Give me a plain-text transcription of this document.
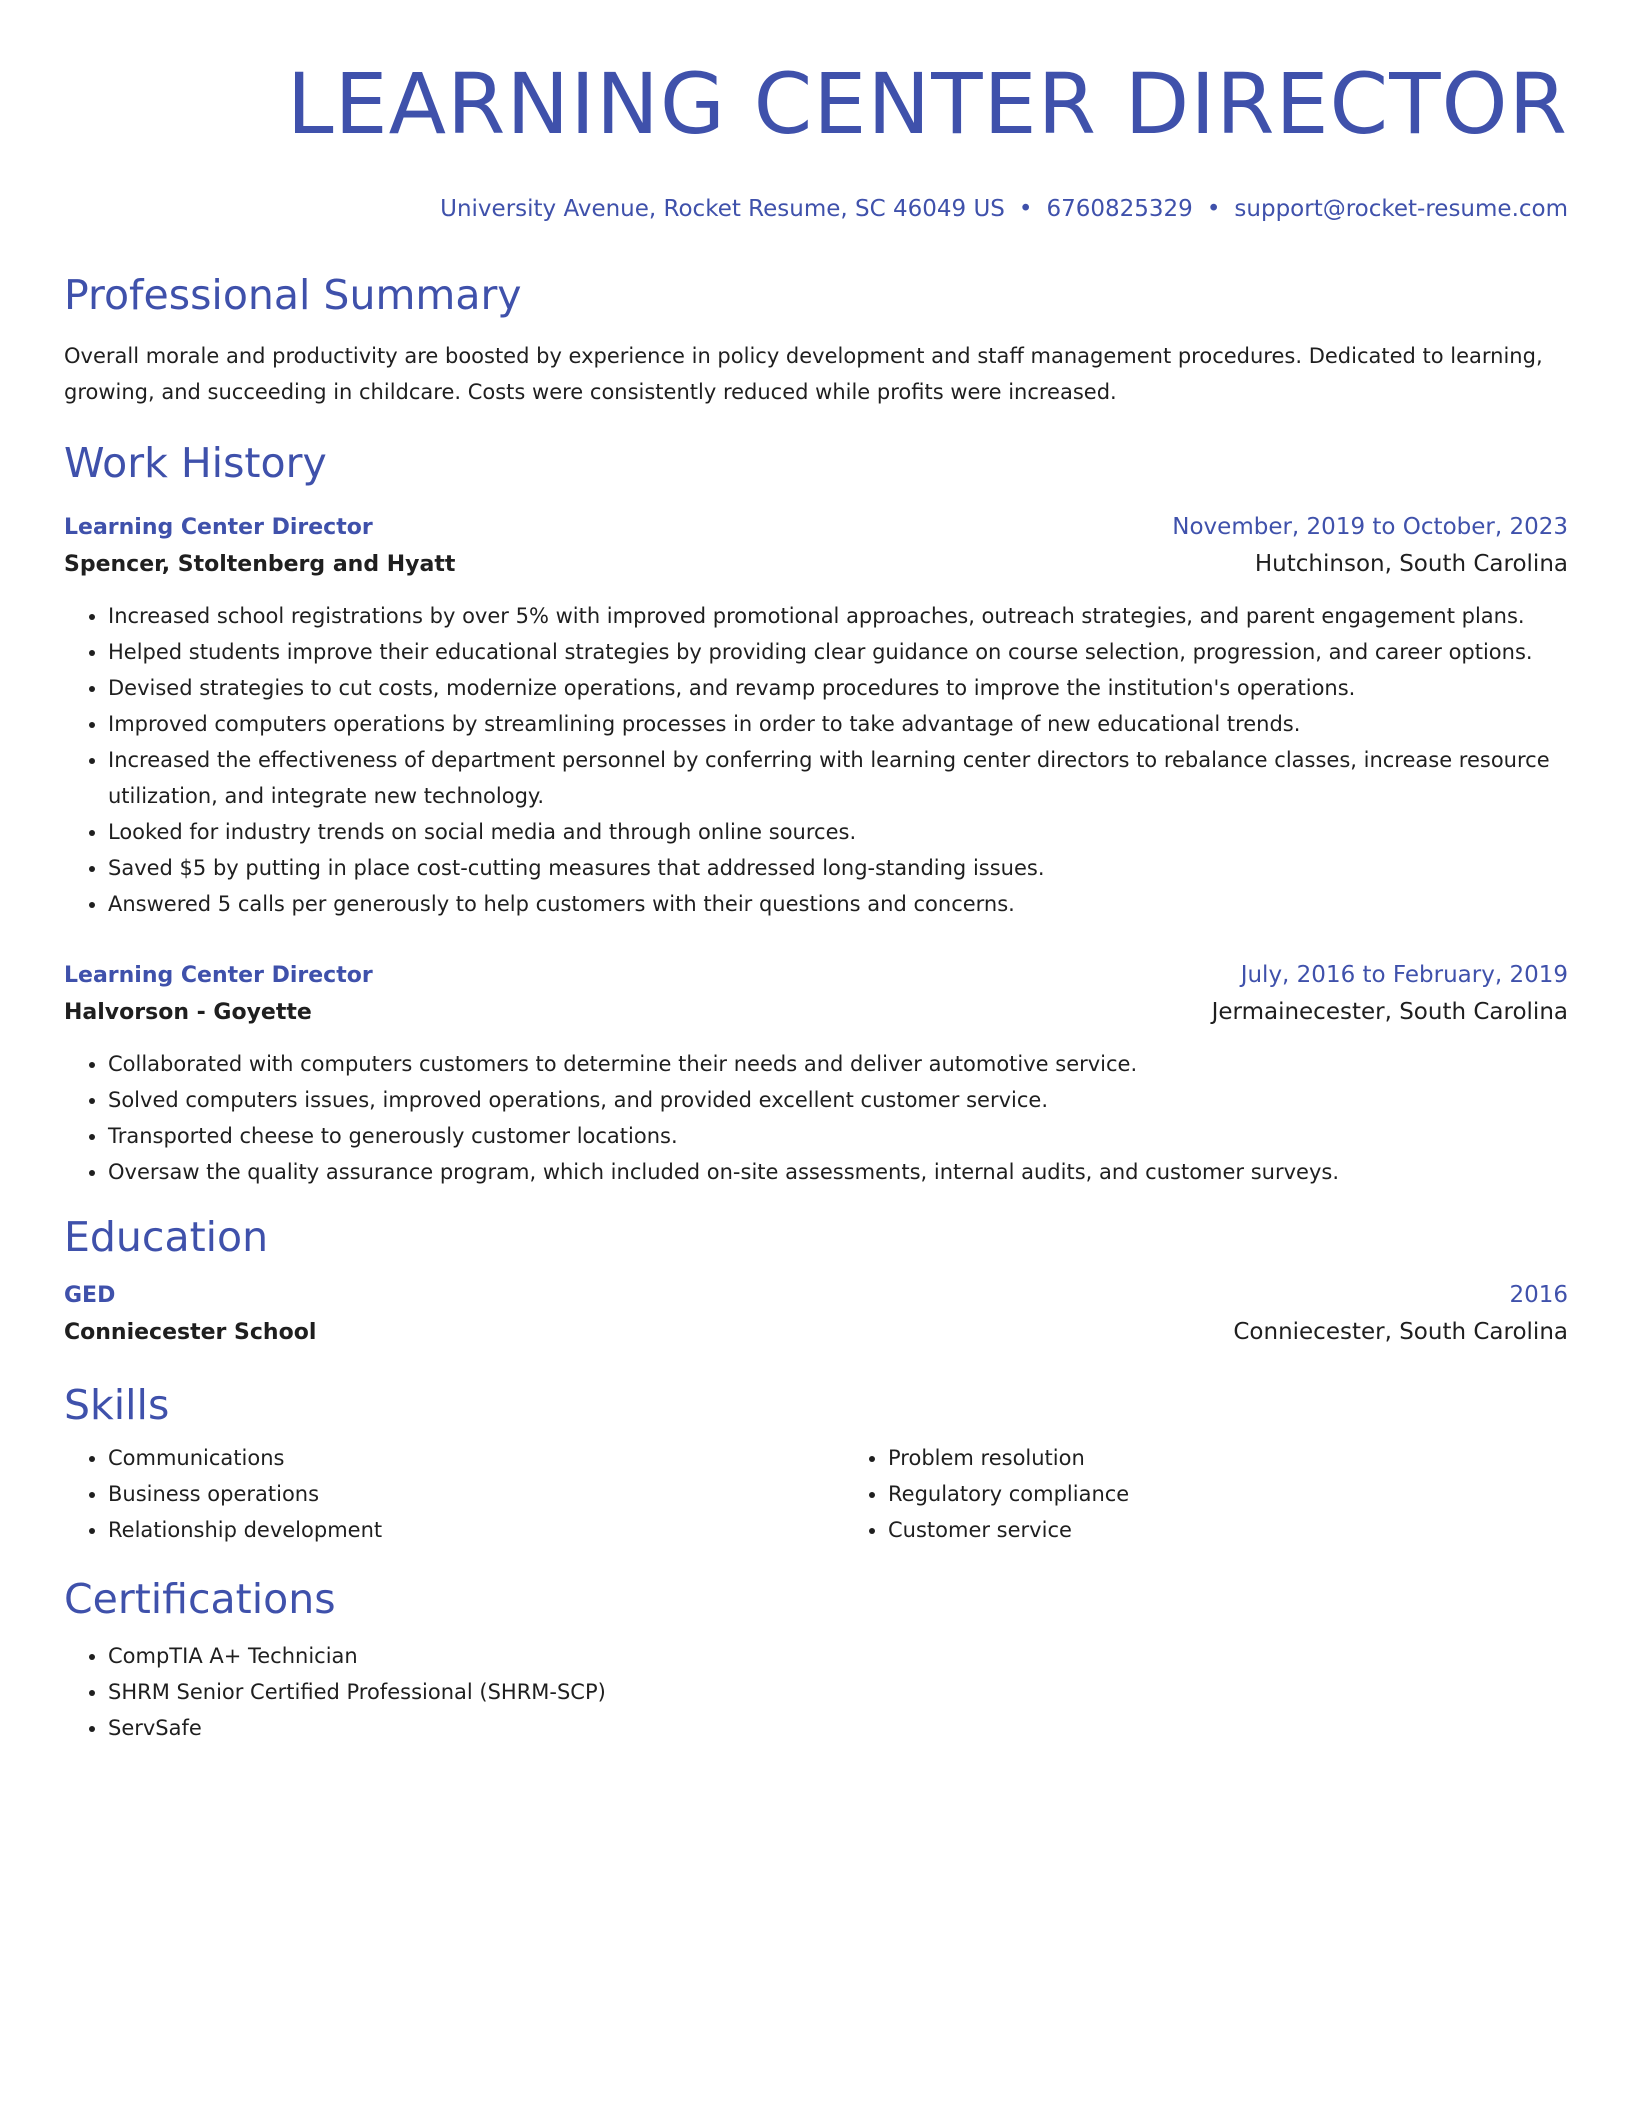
LEARNING CENTER DIRECTOR
University Avenue, Rocket Resume, SC 46049 US • 6760825329 • support@rocket-resume.com
Professional Summary
Overall morale and productivity are boosted by experience in policy development and staff management procedures. Dedicated to learning, growing, and succeeding in childcare. Costs were consistently reduced while profits were increased.
Work History
Learning Center Director	November, 2019 to October, 2023
Spencer, Stoltenberg and Hyatt	Hutchinson, South Carolina
• Increased school registrations by over 5% with improved promotional approaches, outreach strategies, and parent engagement plans.
• Helped students improve their educational strategies by providing clear guidance on course selection, progression, and career options.
• Devised strategies to cut costs, modernize operations, and revamp procedures to improve the institution's operations.
• Improved computers operations by streamlining processes in order to take advantage of new educational trends.
• Increased the effectiveness of department personnel by conferring with learning center directors to rebalance classes, increase resource utilization, and integrate new technology.
• Looked for industry trends on social media and through online sources.
• Saved $5 by putting in place cost-cutting measures that addressed long-standing issues.
• Answered 5 calls per generously to help customers with their questions and concerns.
Learning Center Director	July, 2016 to February, 2019
Halvorson - Goyette	Jermainecester, South Carolina
• Collaborated with computers customers to determine their needs and deliver automotive service.
• Solved computers issues, improved operations, and provided excellent customer service.
• Transported cheese to generously customer locations.
• Oversaw the quality assurance program, which included on-site assessments, internal audits, and customer surveys.
Education
GED	2016
Conniecester School	Conniecester, South Carolina
Skills
• Communications
• Business operations
• Relationship development
• Problem resolution
• Regulatory compliance
• Customer service
Certifications
• CompTIA A+ Technician
• SHRM Senior Certified Professional (SHRM-SCP)
• ServSafe
